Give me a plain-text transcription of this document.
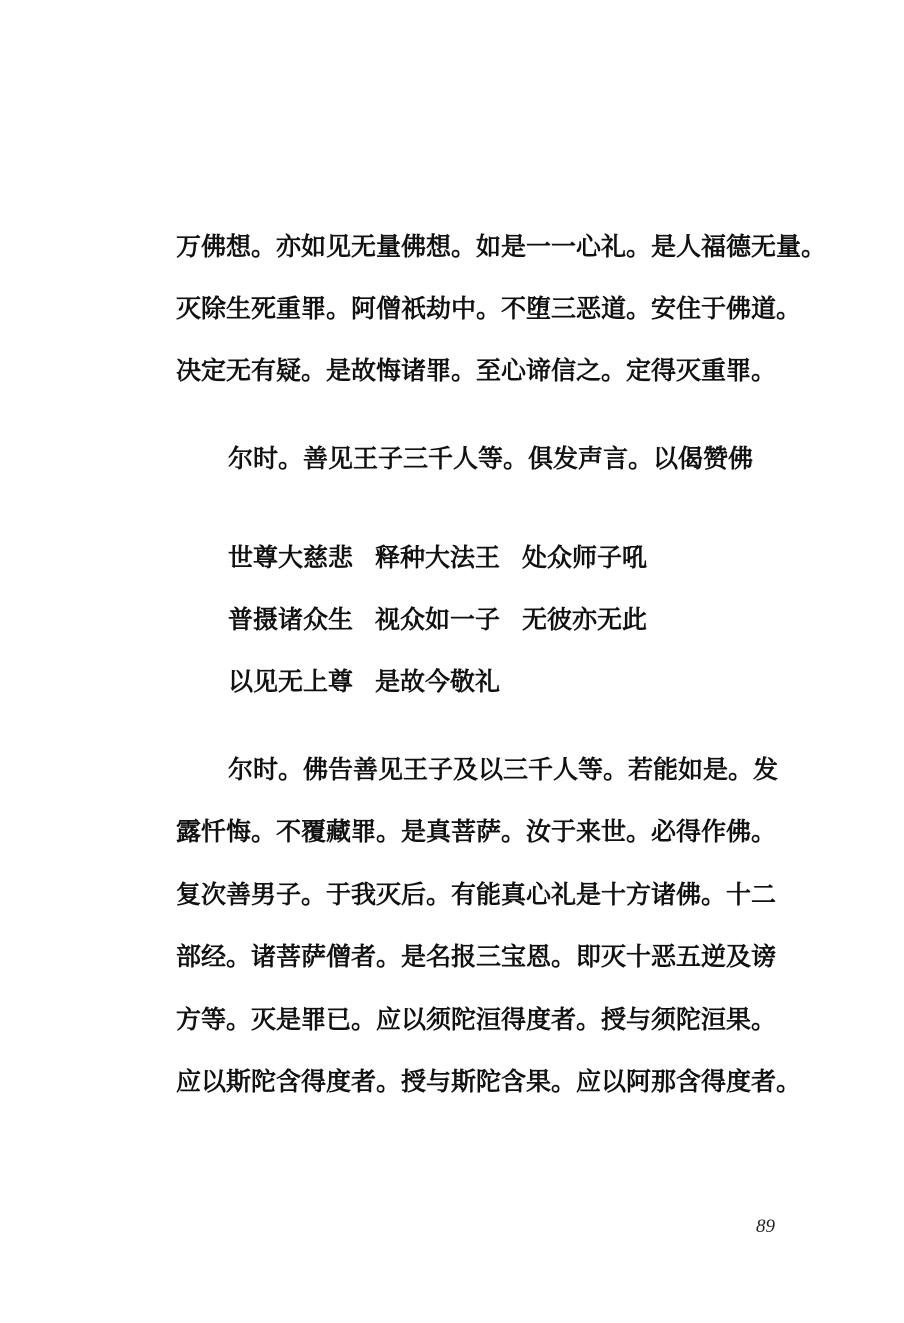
万佛想。亦如见无量佛想。如是一一心礼。是人福德无量。
灭除生死重罪。阿僧祇劫中。不堕三恶道。安住于佛道。
决定无有疑。是故悔诸罪。至心谛信之。定得灭重罪。
尔时。善见王子三千人等。俱发声言。以偈赞佛
世尊大慈悲 释种大法王 处众师子吼
普摄诸众生 视众如一子 无彼亦无此
以见无上尊 是故今敬礼
尔时。佛告善见王子及以三千人等。若能如是。发
露忏悔。不覆藏罪。是真菩萨。汝于来世。必得作佛。
复次善男子。于我灭后。有能真心礼是十方诸佛。十二
部经。诸菩萨僧者。是名报三宝恩。即灭十恶五逆及谤
方等。灭是罪已。应以须陀洹得度者。授与须陀洹果。
应以斯陀含得度者。授与斯陀含果。应以阿那含得度者。
89
